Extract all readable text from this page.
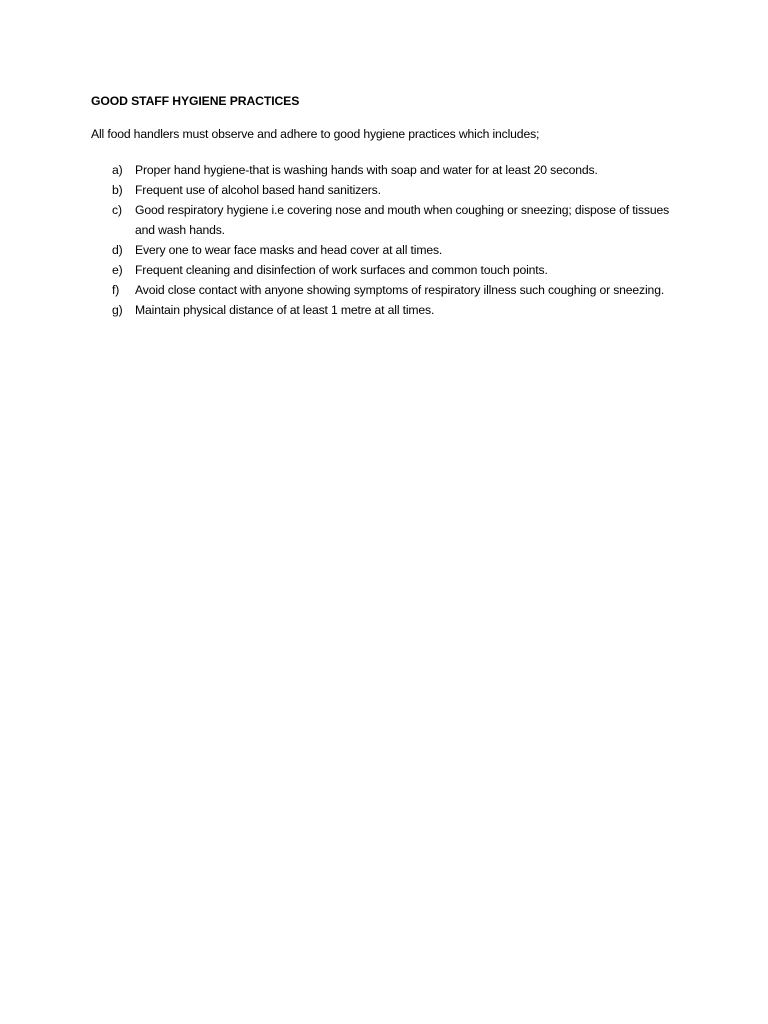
GOOD STAFF HYGIENE PRACTICES
All food handlers must observe and adhere to good hygiene practices which includes;
a)	Proper hand hygiene-that is washing hands with soap and water for at least 20 seconds.
b)	Frequent use of alcohol based hand sanitizers.
c)	Good respiratory hygiene i.e covering nose and mouth when coughing or sneezing; dispose of tissues and wash hands.
d)	Every one to wear face masks and head cover at all times.
e)	Frequent cleaning and disinfection of work surfaces and common touch points.
f)	Avoid close contact with anyone showing symptoms of respiratory illness such coughing or sneezing.
g)	Maintain physical distance of at least 1 metre at all times.
